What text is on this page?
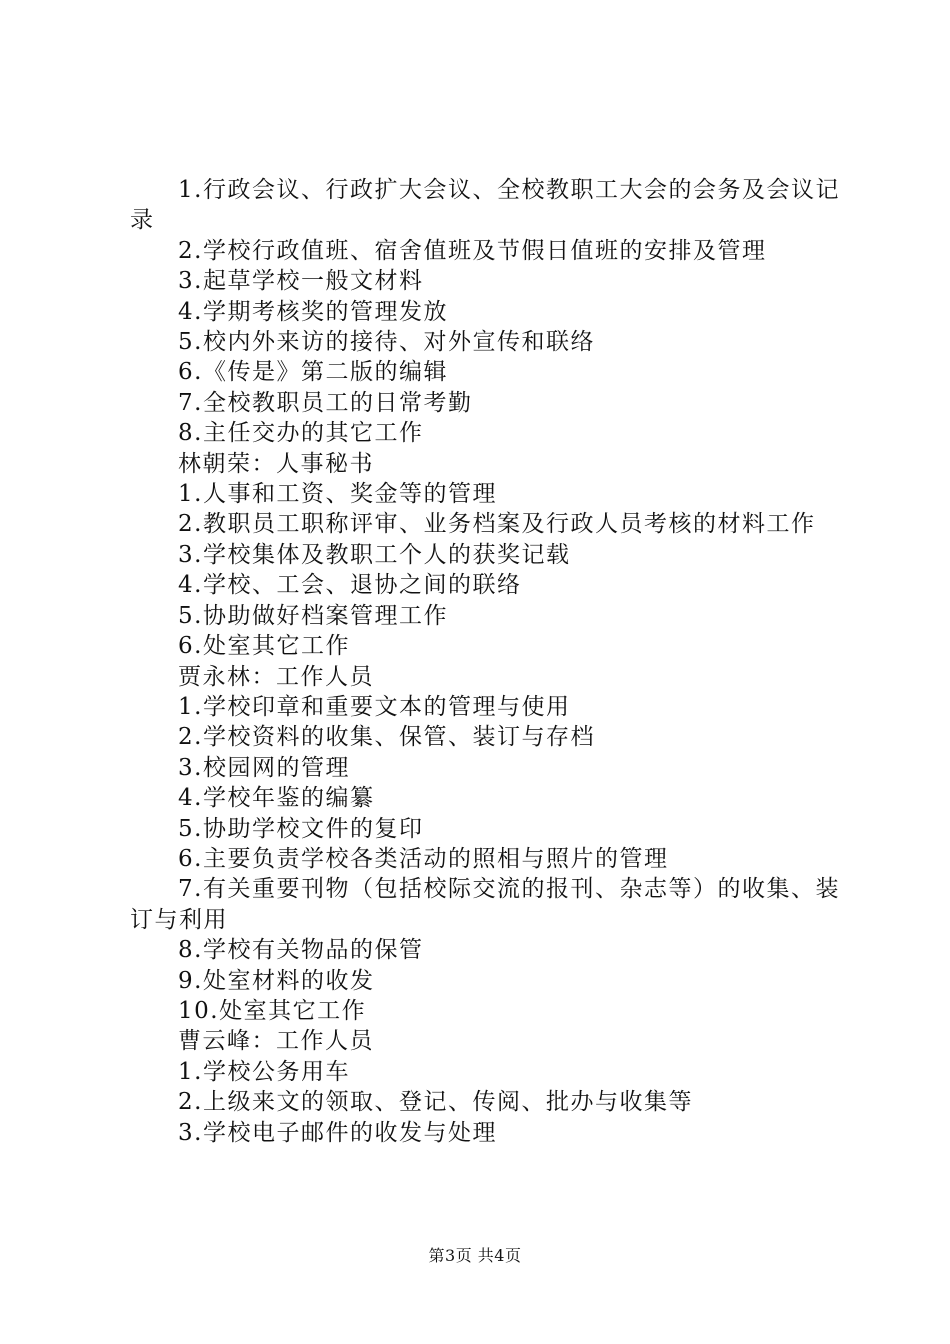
1.行政会议、行政扩大会议、全校教职工大会的会务及会议记录

2.学校行政值班、宿舍值班及节假日值班的安排及管理

3.起草学校一般文材料

4.学期考核奖的管理发放

5.校内外来访的接待、对外宣传和联络

6.《传是》第二版的编辑

7.全校教职员工的日常考勤

8.主任交办的其它工作

林朝荣：人事秘书

1.人事和工资、奖金等的管理

2.教职员工职称评审、业务档案及行政人员考核的材料工作

3.学校集体及教职工个人的获奖记载

4.学校、工会、退协之间的联络

5.协助做好档案管理工作

6.处室其它工作

贾永林：工作人员

1.学校印章和重要文本的管理与使用

2.学校资料的收集、保管、装订与存档

3.校园网的管理

4.学校年鉴的编纂

5.协助学校文件的复印

6.主要负责学校各类活动的照相与照片的管理

7.有关重要刊物（包括校际交流的报刊、杂志等）的收集、装订与利用

8.学校有关物品的保管

9.处室材料的收发

10.处室其它工作

曹云峰：工作人员

1.学校公务用车

2.上级来文的领取、登记、传阅、批办与收集等

3.学校电子邮件的收发与处理

第3页 共4页
